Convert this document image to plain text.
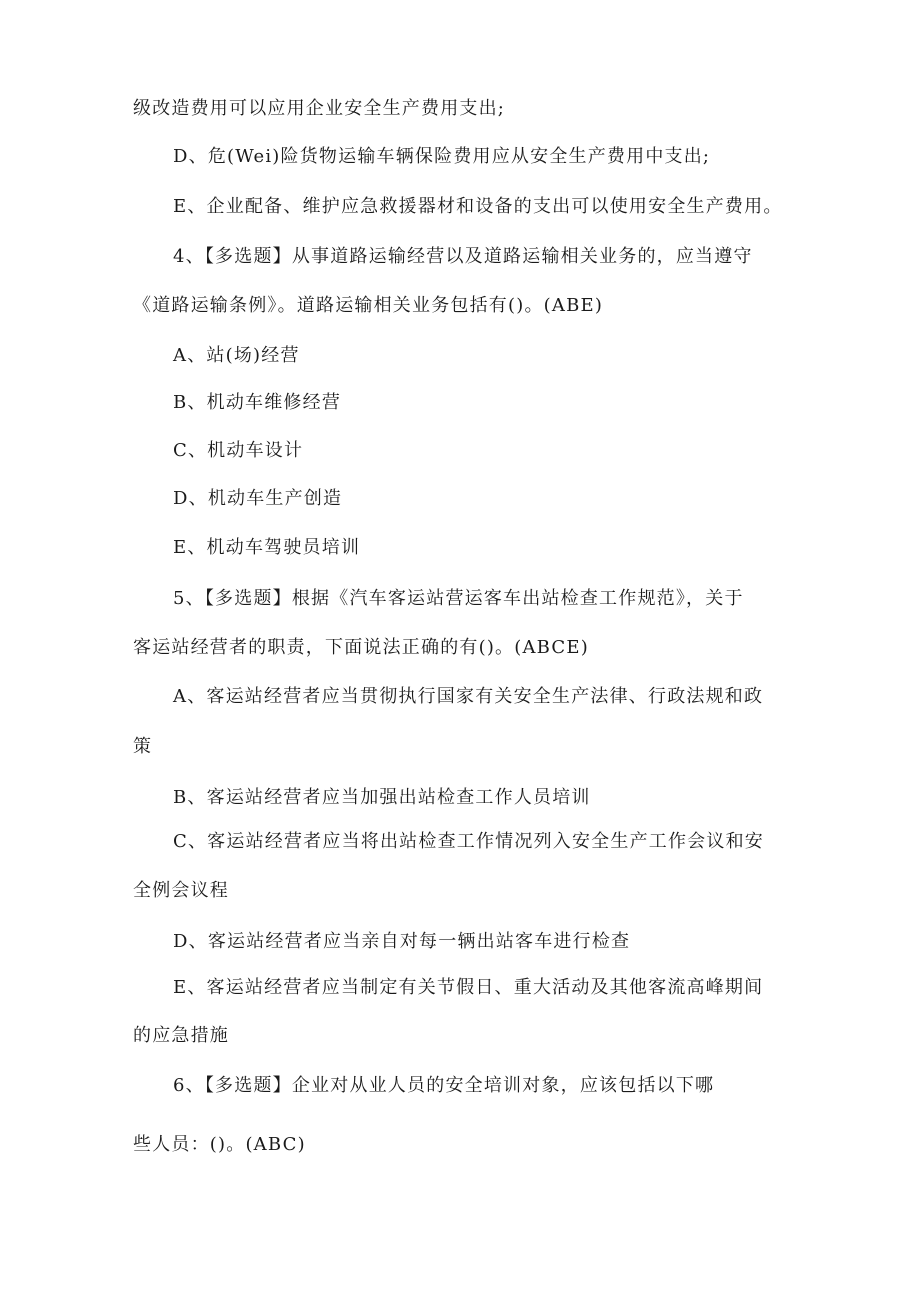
级改造费用可以应用企业安全生产费用支出;
D、危(Wei)险货物运输车辆保险费用应从安全生产费用中支出;
E、企业配备、维护应急救援器材和设备的支出可以使用安全生产费用。
4、【多选题】从事道路运输经营以及道路运输相关业务的，应当遵守
《道路运输条例》。道路运输相关业务包括有()。(ABE)
A、站(场)经营
B、机动车维修经营
C、机动车设计
D、机动车生产创造
E、机动车驾驶员培训
5、【多选题】根据《汽车客运站营运客车出站检查工作规范》，关于
客运站经营者的职责，下面说法正确的有()。(ABCE)
A、客运站经营者应当贯彻执行国家有关安全生产法律、行政法规和政
策
B、客运站经营者应当加强出站检查工作人员培训
C、客运站经营者应当将出站检查工作情况列入安全生产工作会议和安
全例会议程
D、客运站经营者应当亲自对每一辆出站客车进行检查
E、客运站经营者应当制定有关节假日、重大活动及其他客流高峰期间
的应急措施
6、【多选题】企业对从业人员的安全培训对象，应该包括以下哪
些人员：()。(ABC)
